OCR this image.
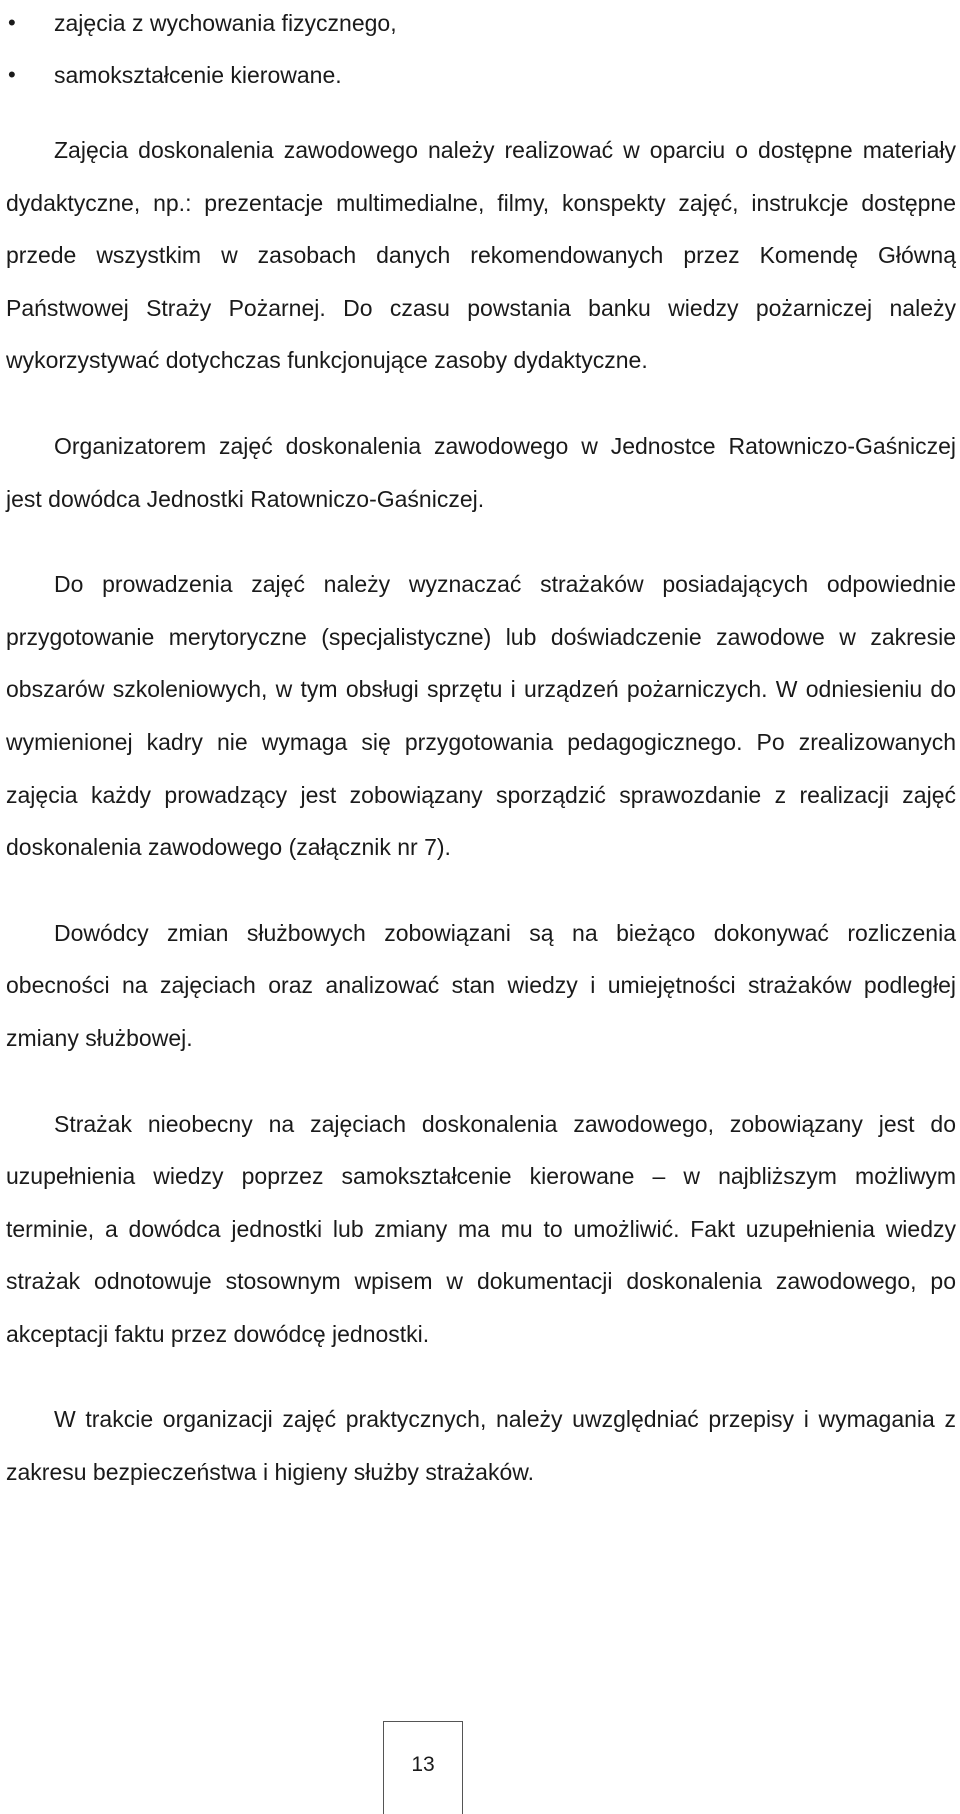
•	zajęcia z wychowania fizycznego,
•	samokształcenie kierowane.

Zajęcia doskonalenia zawodowego należy realizować w oparciu o dostępne materiały dydaktyczne, np.: prezentacje multimedialne, filmy, konspekty zajęć, instrukcje dostępne przede wszystkim w zasobach danych rekomendowanych przez Komendę Główną Państwowej Straży Pożarnej. Do czasu powstania banku wiedzy pożarniczej należy wykorzystywać dotychczas funkcjonujące zasoby dydaktyczne.

Organizatorem zajęć doskonalenia zawodowego w Jednostce Ratowniczo-Gaśniczej jest dowódca Jednostki Ratowniczo-Gaśniczej.

Do prowadzenia zajęć należy wyznaczać strażaków posiadających odpowiednie przygotowanie merytoryczne (specjalistyczne) lub doświadczenie zawodowe w zakresie obszarów szkoleniowych, w tym obsługi sprzętu i urządzeń pożarniczych. W odniesieniu do wymienionej kadry nie wymaga się przygotowania pedagogicznego. Po zrealizowanych zajęcia każdy prowadzący jest zobowiązany sporządzić sprawozdanie z realizacji zajęć doskonalenia zawodowego (załącznik nr 7).

Dowódcy zmian służbowych zobowiązani są na bieżąco dokonywać rozliczenia obecności na zajęciach oraz analizować stan wiedzy i umiejętności strażaków podległej zmiany służbowej.

Strażak nieobecny na zajęciach doskonalenia zawodowego, zobowiązany jest do uzupełnienia wiedzy poprzez samokształcenie kierowane – w najbliższym możliwym terminie, a dowódca jednostki lub zmiany ma mu to umożliwić. Fakt uzupełnienia wiedzy strażak odnotowuje stosownym wpisem w dokumentacji doskonalenia zawodowego, po akceptacji faktu przez dowódcę jednostki.

W trakcie organizacji zajęć praktycznych, należy uwzględniać przepisy i wymagania z zakresu bezpieczeństwa i higieny służby strażaków.

13
